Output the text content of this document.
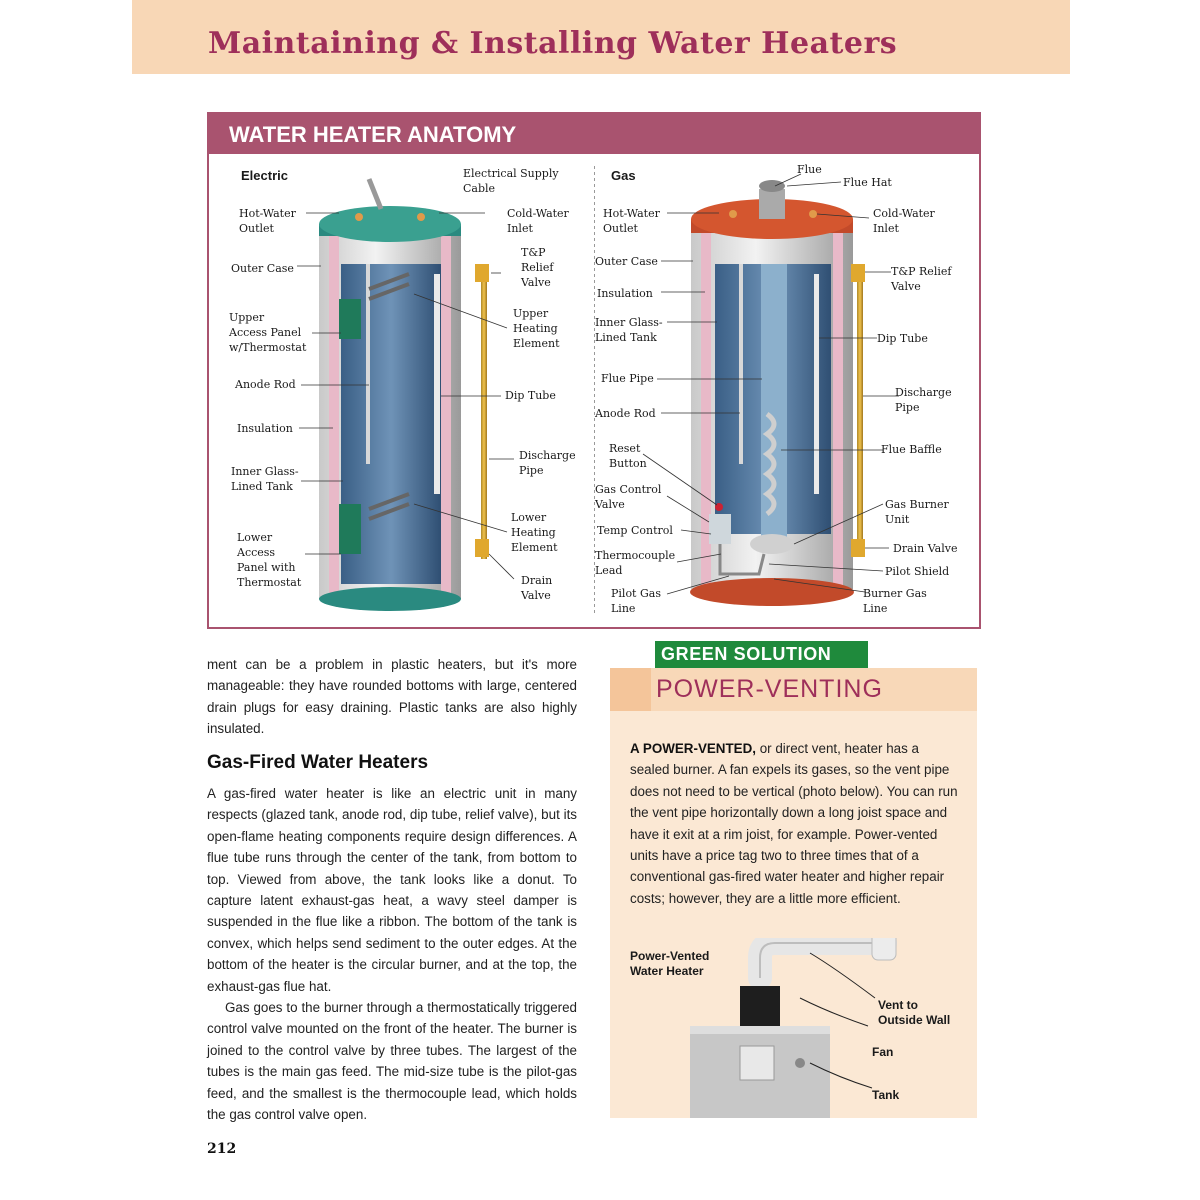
Maintaining & Installing Water Heaters
WATER HEATER ANATOMY
Electric	Electrical Supply
Cable
Hot-Water
Outlet
Cold-Water
Inlet
Outer Case
T&P
Relief
Valve
Upper
Access Panel
w/Thermostat
Upper
Heating
Element
Anode Rod
Dip Tube
Insulation
Discharge
Pipe
Inner Glass-
Lined Tank
Lower
Heating
Element
Lower
Access
Panel with
Thermostat	Drain
Valve
Gas	Flue
Flue Hat
Hot-Water
Outlet
Cold-Water
Inlet
Outer Case
T&P Relief
Valve
Insulation
Inner Glass-
Lined Tank	Dip Tube
Flue Pipe
Discharge
Pipe
Anode Rod
Reset
Button
Flue Baffle
Gas Control
Valve	Gas Burner
Unit
Temp Control
Drain Valve
Thermocouple
Lead	Pilot Shield
Pilot Gas
Line
Burner Gas
Line

ment can be a problem in plastic heaters, but it's more manageable: they have rounded bottoms with large, centered drain plugs for easy draining. Plastic tanks are also highly insulated.

Gas-Fired Water Heaters

A gas-fired water heater is like an electric unit in many respects (glazed tank, anode rod, dip tube, relief valve), but its open-flame heating components require design differences. A flue tube runs through the center of the tank, from bottom to top. Viewed from above, the tank looks like a donut. To capture latent exhaust-gas heat, a wavy steel damper is suspended in the flue like a ribbon. The bottom of the tank is convex, which helps send sediment to the outer edges. At the bottom of the heater is the circular burner, and at the top, the exhaust-gas flue hat.

Gas goes to the burner through a thermostatically triggered control valve mounted on the front of the heater. The burner is joined to the control valve by three tubes. The largest of the tubes is the main gas feed. The mid-size tube is the pilot-gas feed, and the smallest is the thermocouple lead, which holds the gas control valve open.

GREEN SOLUTION
POWER-VENTING

A POWER-VENTED, or direct vent, heater has a sealed burner. A fan expels its gases, so the vent pipe does not need to be vertical (photo below). You can run the vent pipe horizontally down a long joist space and have it exit at a rim joist, for example. Power-vented units have a price tag two to three times that of a conventional gas-fired water heater and higher repair costs; however, they are a little more efficient.

Power-Vented
Water Heater
Vent to
Outside Wall
Fan
Tank
212
